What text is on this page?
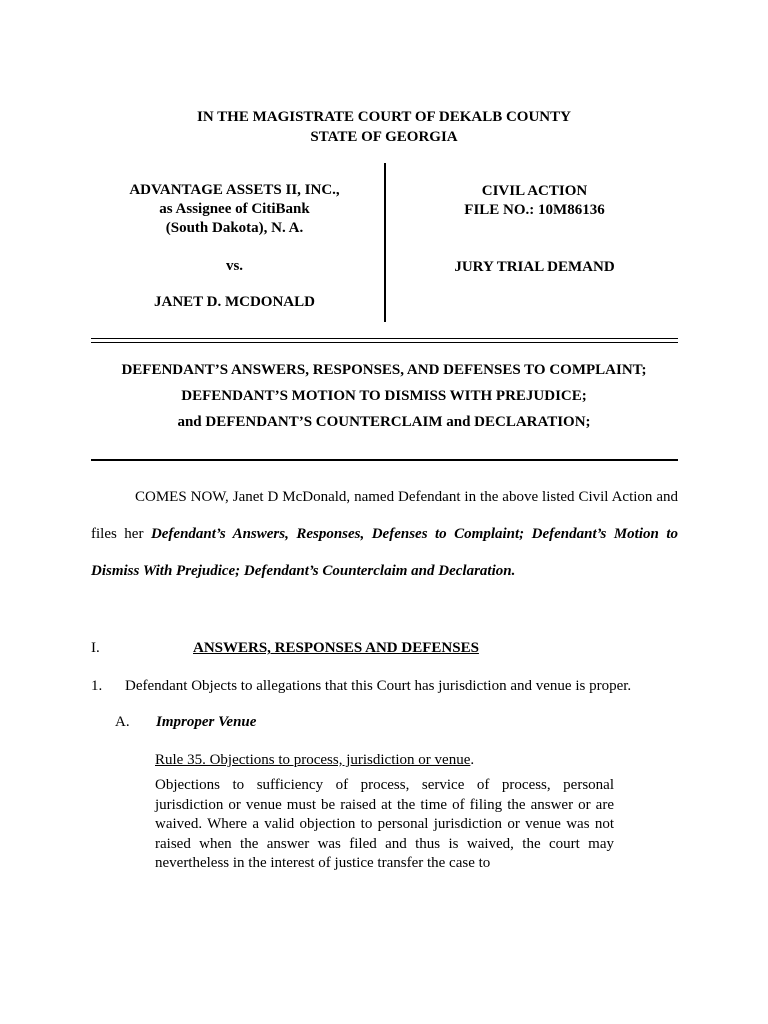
IN THE MAGISTRATE COURT OF DEKALB COUNTY
STATE OF GEORGIA
ADVANTAGE ASSETS II, INC.,
as Assignee of CitiBank
(South Dakota), N. A.
vs.
JANET D. MCDONALD
CIVIL ACTION
FILE NO.: 10M86136
JURY TRIAL DEMAND
DEFENDANT’S ANSWERS, RESPONSES, AND DEFENSES TO COMPLAINT;
DEFENDANT’S MOTION TO DISMISS WITH PREJUDICE;
and DEFENDANT’S COUNTERCLAIM and DECLARATION;
COMES NOW, Janet D McDonald, named Defendant in the above listed Civil Action and files her Defendant’s Answers, Responses, Defenses to Complaint; Defendant’s Motion to Dismiss With Prejudice; Defendant’s Counterclaim and Declaration.
I.	ANSWERS, RESPONSES AND DEFENSES
1. Defendant Objects to allegations that this Court has jurisdiction and venue is proper.
A. Improper Venue
Rule 35. Objections to process, jurisdiction or venue.
Objections to sufficiency of process, service of process, personal jurisdiction or venue must be raised at the time of filing the answer or are waived. Where a valid objection to personal jurisdiction or venue was not raised when the answer was filed and thus is waived, the court may nevertheless in the interest of justice transfer the case to
